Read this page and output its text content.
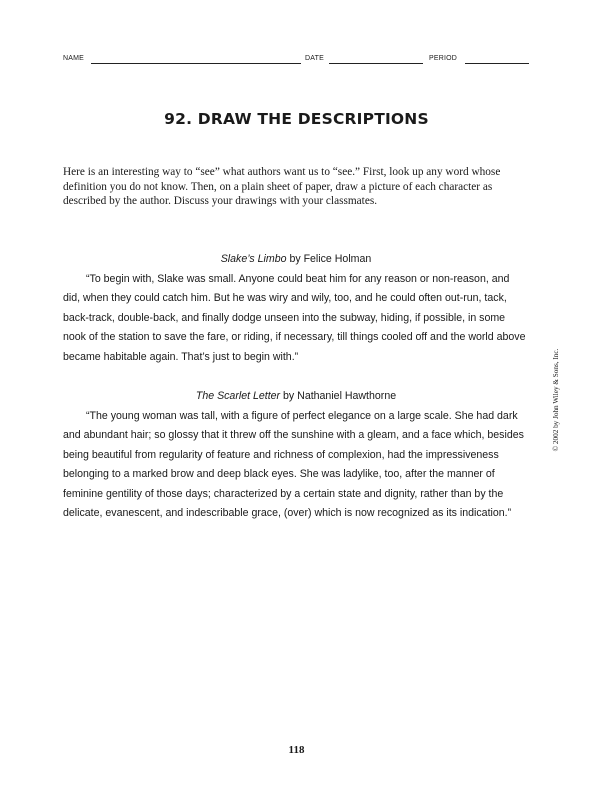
NAME	DATE	PERIOD
92. DRAW THE DESCRIPTIONS
Here is an interesting way to “see” what authors want us to “see.” First, look up any word whose definition you do not know. Then, on a plain sheet of paper, draw a picture of each character as described by the author. Discuss your drawings with your classmates.

Slake’s Limbo by Felice Holman

“To begin with, Slake was small. Anyone could beat him for any reason or non-reason, and did, when they could catch him. But he was wiry and wily, too, and he could often out-run, tack, back-track, double-back, and finally dodge unseen into the subway, hiding, if possible, in some nook of the station to save the fare, or riding, if necessary, till things cooled off and the world above became habitable again. That’s just to begin with.”

The Scarlet Letter by Nathaniel Hawthorne

“The young woman was tall, with a figure of perfect elegance on a large scale. She had dark and abundant hair; so glossy that it threw off the sunshine with a gleam, and a face which, besides being beautiful from regularity of feature and richness of complexion, had the impressiveness belonging to a marked brow and deep black eyes. She was ladylike, too, after the manner of feminine gentility of those days; characterized by a certain state and dignity, rather than by the delicate, evanescent, and indescribable grace, (over) which is now recognized as its indication.”

© 2002 by John Wiley & Sons, Inc.
118
